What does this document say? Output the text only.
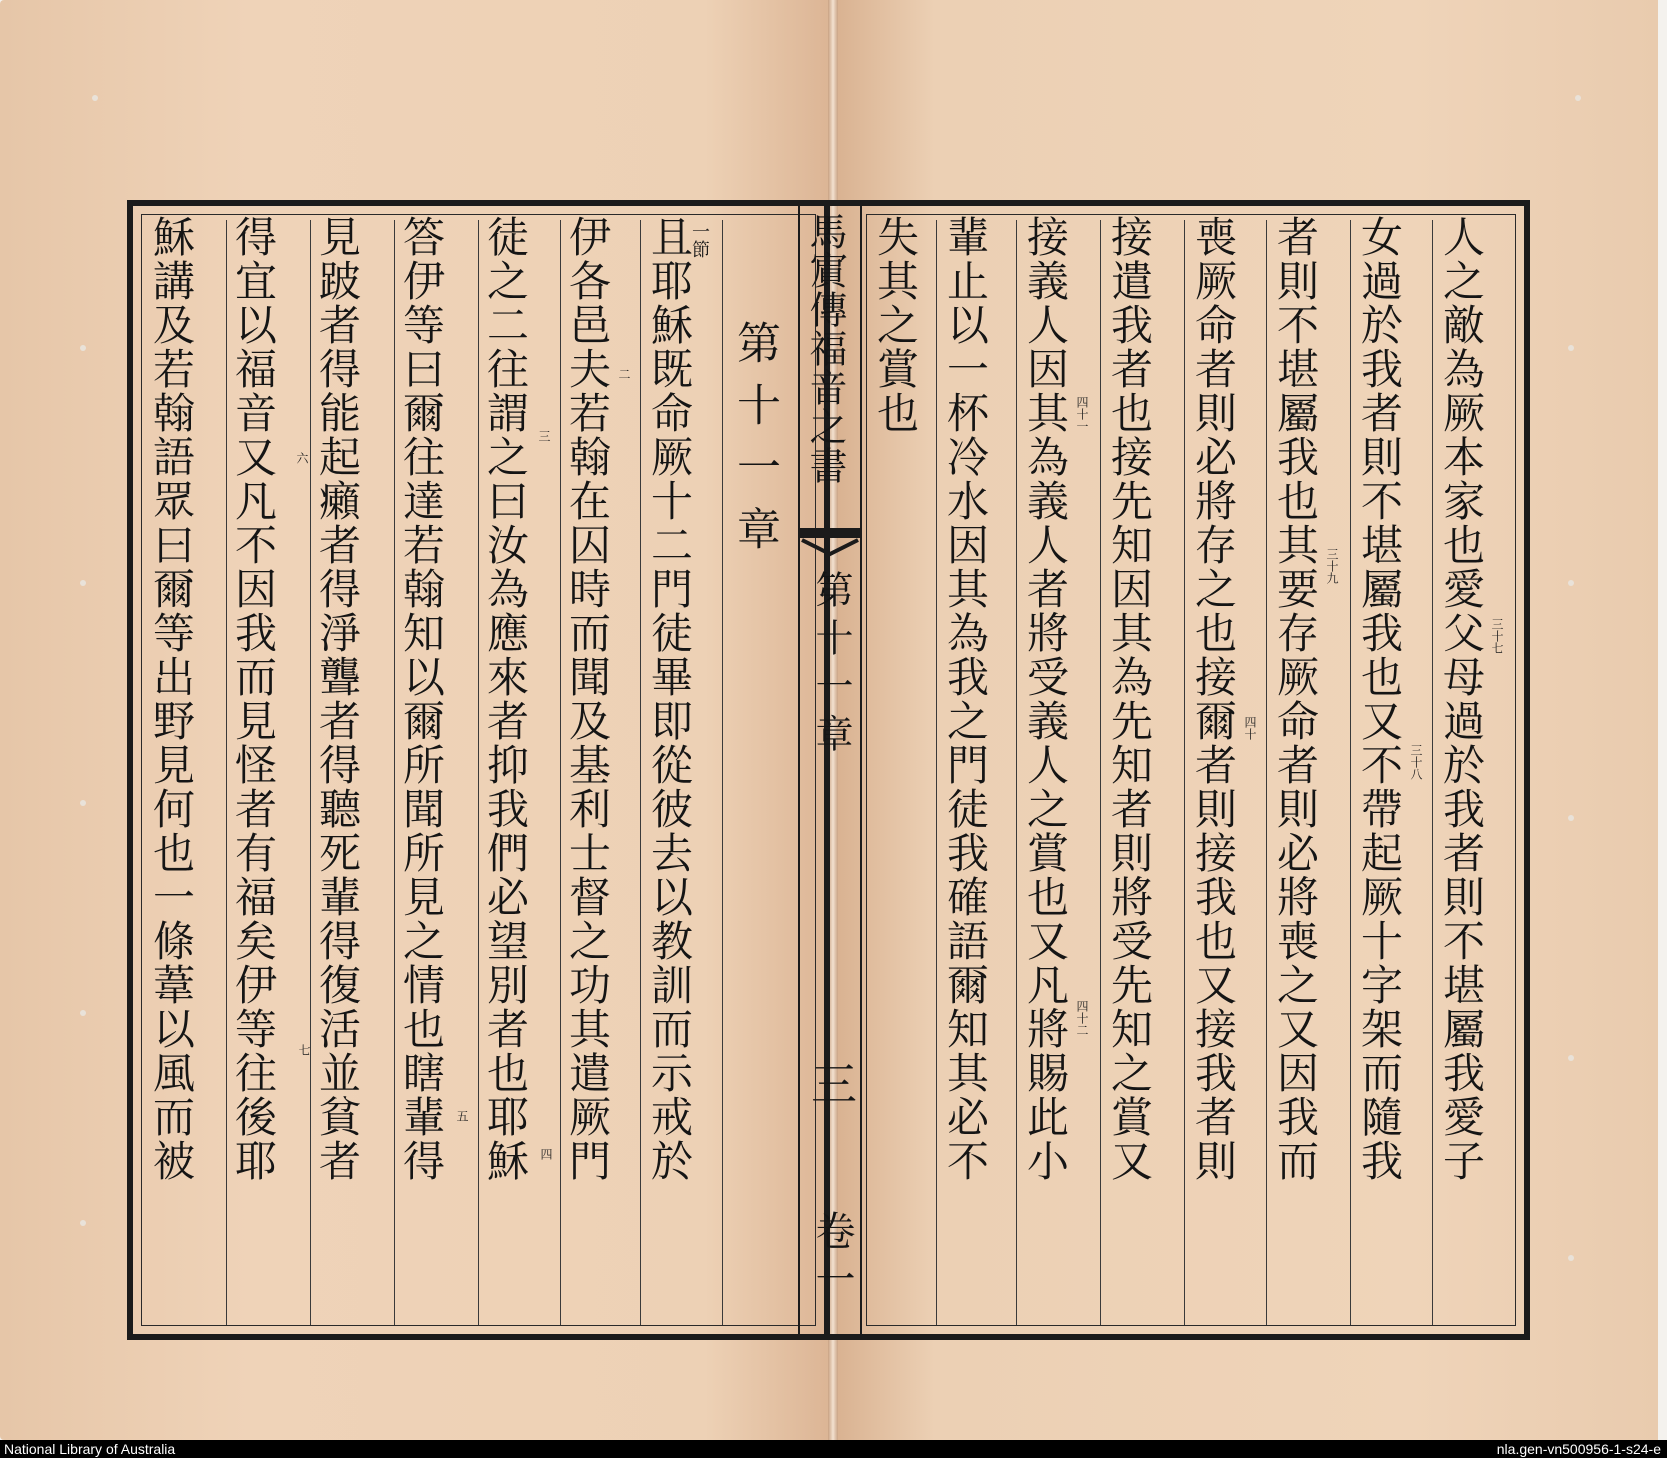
馬賔傳福音之書
第十一章
三
卷一
人之敵為厥本家也愛父母過於我者則不堪屬我愛子
女過於我者則不堪屬我也又不帶起厥十字架而隨我
者則不堪屬我也其要存厥命者則必將喪之又因我而
喪厥命者則必將存之也接爾者則接我也又接我者則
接遣我者也接先知因其為先知者則將受先知之賞又
接義人因其為義人者將受義人之賞也又凡將賜此小
輩止以一杯冷水因其為我之門徒我確語爾知其必不
失其之賞也
第十一章
一節
且耶穌既命厥十二門徒畢即從彼去以教訓而示戒於
伊各邑夫若翰在囚時而聞及基利士督之功其遣厥門
徒之二往謂之曰汝為應來者抑我們必望別者也耶穌
答伊等曰爾往達若翰知以爾所聞所見之情也瞎輩得
見跛者得能起癩者得淨聾者得聽死輩得復活並貧者
得宜以福音又凡不因我而見怪者有福矣伊等往後耶
穌講及若翰語眾曰爾等出野見何也一條葦以風而被	三十七
三十八
三十九
四十
四十一
四十二
二
三
四
五
六
七
National Library of Australia	nla.gen-vn500956-1-s24-e
